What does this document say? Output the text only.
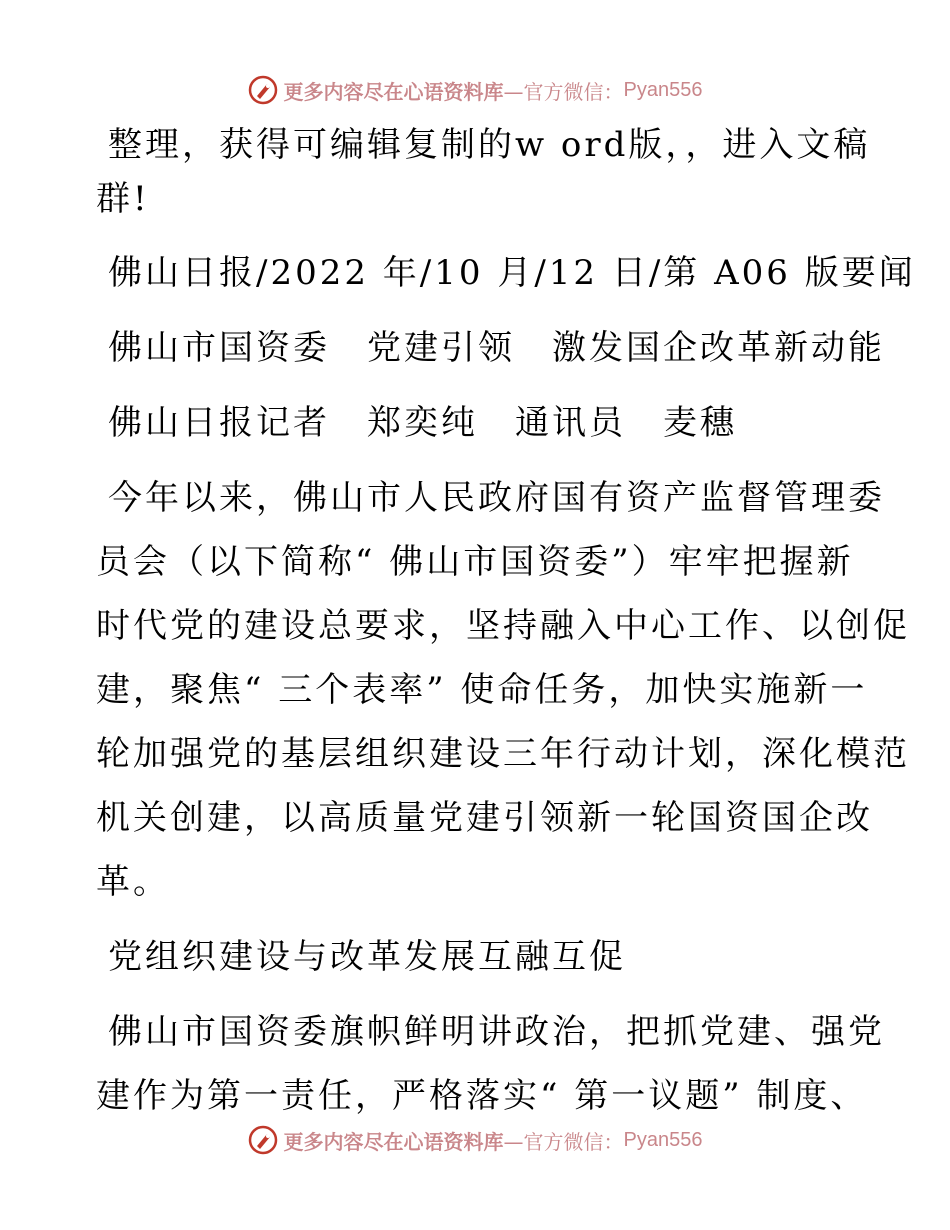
更多内容尽在心语资料库 —官方微信： Pyan556
整理，获得可编辑复制的w ord版，，进入文稿
群!
佛山日报/2022 年/10 月/12 日/第 A06 版要闻
佛山市国资委　党建引领　激发国企改革新动能
佛山日报记者　郑奕纯　通讯员　麦穗
今年以来，佛山市人民政府国有资产监督管理委
员会（以下简称“ 佛山市国资委”）牢牢把握新
时代党的建设总要求，坚持融入中心工作、以创促
建，聚焦“ 三个表率” 使命任务，加快实施新一
轮加强党的基层组织建设三年行动计划，深化模范
机关创建，以高质量党建引领新一轮国资国企改
革。
党组织建设与改革发展互融互促
佛山市国资委旗帜鲜明讲政治，把抓党建、强党
建作为第一责任，严格落实“ 第一议题” 制度、
更多内容尽在心语资料库 —官方微信： Pyan556
